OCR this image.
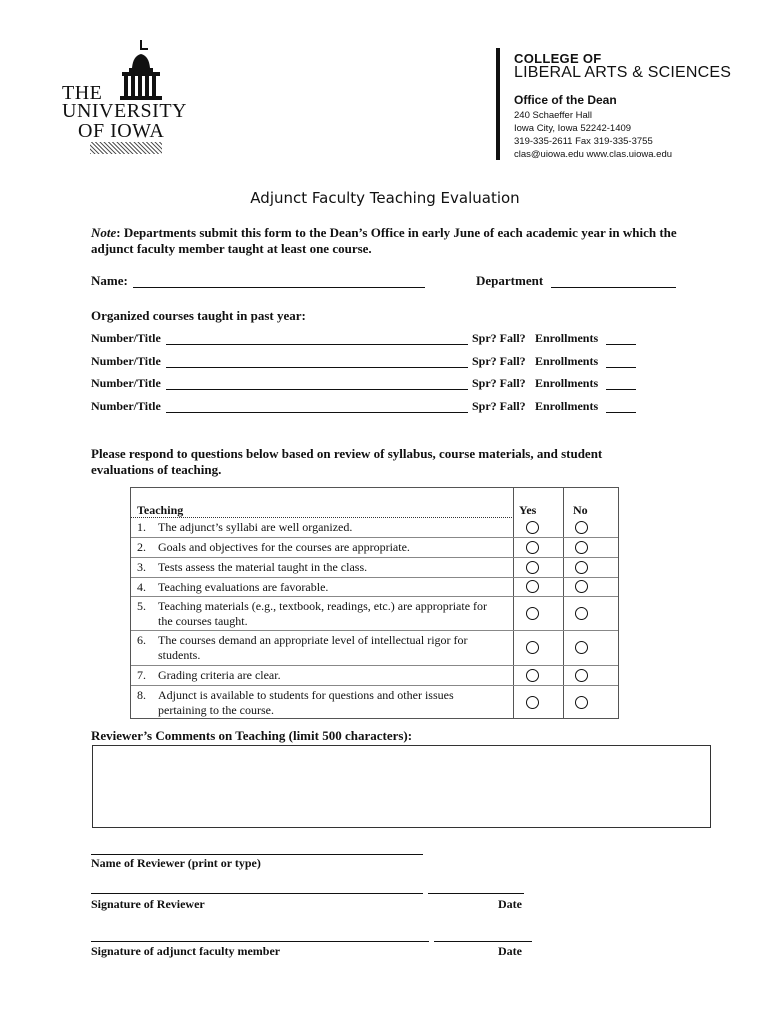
THE
UNIVERSITY
OF IOWA
COLLEGE OF
LIBERAL ARTS & SCIENCES
Office of the Dean
240 Schaeffer Hall
Iowa City, Iowa 52242-1409
319-335-2611 Fax 319-335-3755
clas@uiowa.edu www.clas.uiowa.edu
Adjunct Faculty Teaching Evaluation
Note: Departments submit this form to the Dean’s Office in early June of each academic year in which the adjunct faculty member taught at least one course.
Name:	Department
Organized courses taught in past year:
Number/Title	Spr? Fall? Enrollments
Number/Title	Spr? Fall? Enrollments
Number/Title	Spr? Fall? Enrollments
Number/Title	Spr? Fall? Enrollments
Please respond to questions below based on review of syllabus, course materials, and student evaluations of teaching.
Teaching	Yes	No
1. The adjunct’s syllabi are well organized.
2. Goals and objectives for the courses are appropriate.
3. Tests assess the material taught in the class.
4. Teaching evaluations are favorable.
5. Teaching materials (e.g., textbook, readings, etc.) are appropriate for
the courses taught.
6. The courses demand an appropriate level of intellectual rigor for
students.
7. Grading criteria are clear.
8. Adjunct is available to students for questions and other issues
pertaining to the course.
Reviewer’s Comments on Teaching (limit 500 characters):
Name of Reviewer (print or type)
Signature of Reviewer	Date
Signature of adjunct faculty member	Date
